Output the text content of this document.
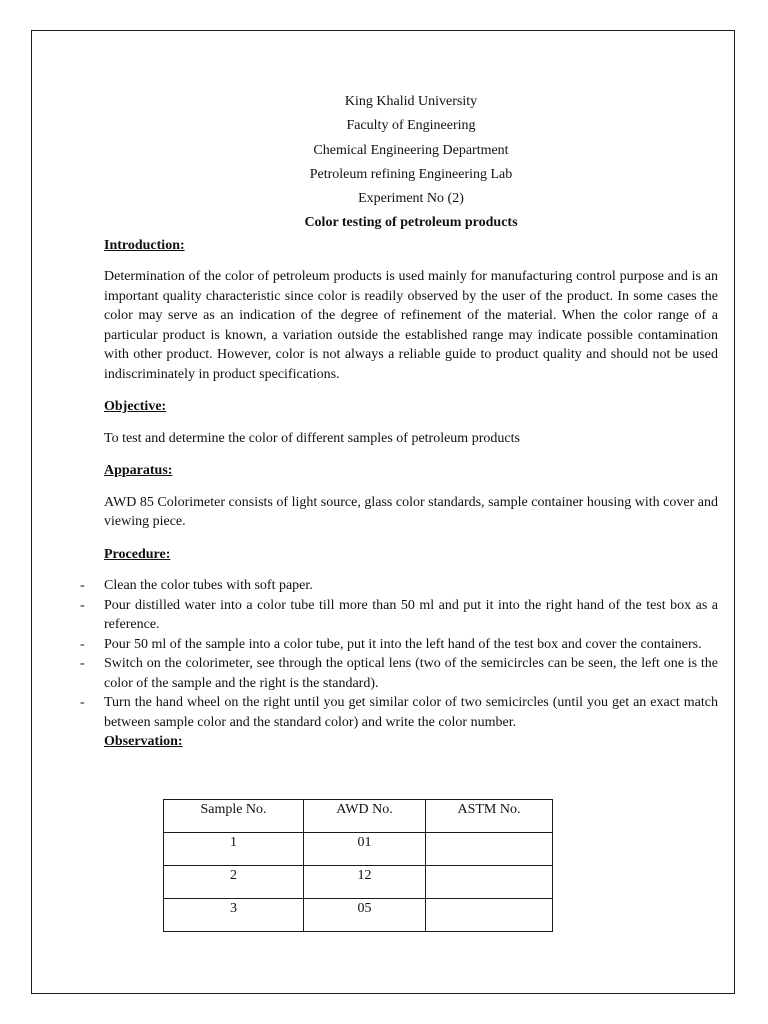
King Khalid University
Faculty of Engineering
Chemical Engineering Department
Petroleum refining Engineering Lab
Experiment No (2)
Color testing of petroleum products
Introduction:

Determination of the color of petroleum products is used mainly for manufacturing control purpose and is an important quality characteristic since color is readily observed by the user of the product. In some cases the color may serve as an indication of the degree of refinement of the material. When the color range of a particular product is known, a variation outside the established range may indicate possible contamination with other product. However, color is not always a reliable guide to product quality and should not be used indiscriminately in product specifications.

Objective:

To test and determine the color of different samples of petroleum products

Apparatus:

AWD 85 Colorimeter consists of light source, glass color standards, sample container housing with cover and viewing piece.

Procedure:
- Clean the color tubes with soft paper.
- Pour distilled water into a color tube till more than 50 ml and put it into the right hand of the test box as a reference.
- Pour 50 ml of the sample into a color tube, put it into the left hand of the test box and cover the containers.
- Switch on the colorimeter, see through the optical lens (two of the semicircles can be seen, the left one is the color of the sample and the right is the standard).
- Turn the hand wheel on the right until you get similar color of two semicircles (until you get an exact match between sample color and the standard color) and write the color number.
Observation:
Sample No.	AWD No.	ASTM No.
1	01	
2	12	
3	05	
